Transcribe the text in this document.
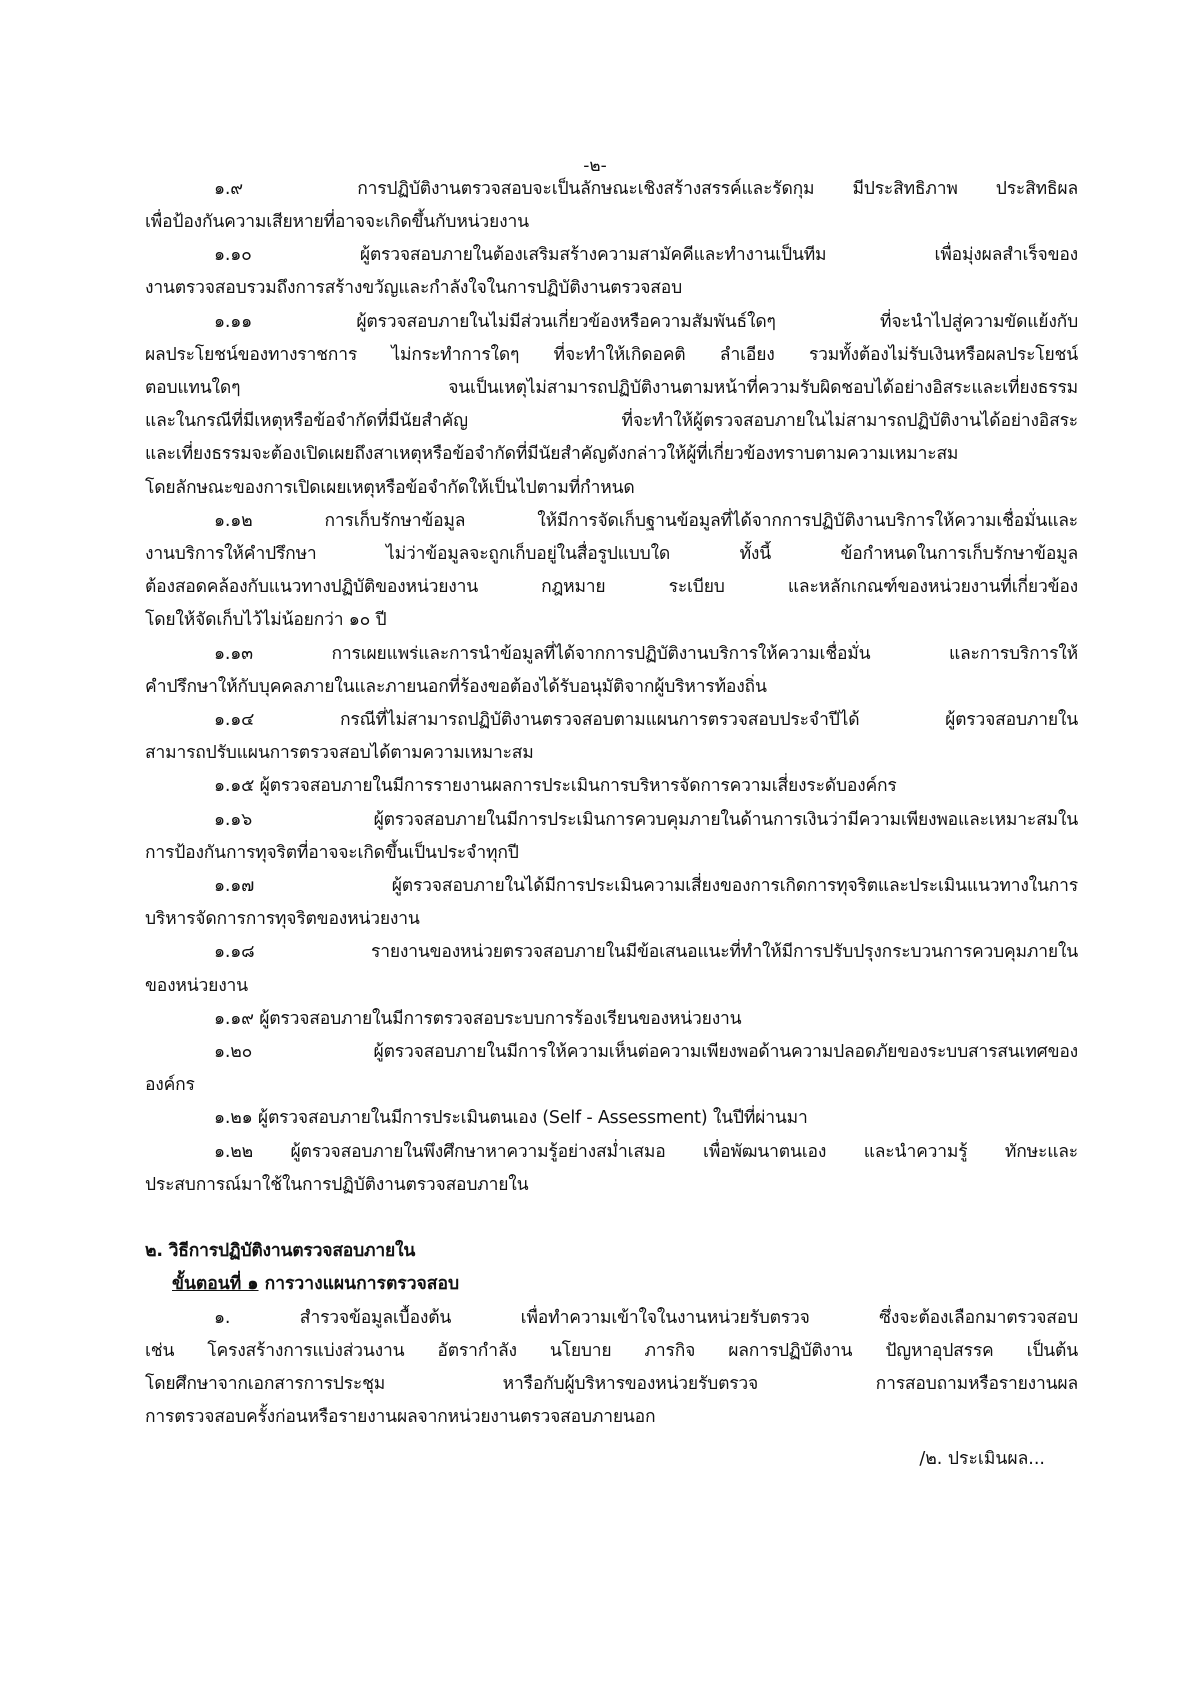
-๒-
๑.๙	การปฏิบัติงานตรวจสอบจะเป็นลักษณะเชิงสร้างสรรค์และรัดกุม มีประสิทธิภาพ ประสิทธิผล
เพื่อป้องกันความเสียหายที่อาจจะเกิดขึ้นกับหน่วยงาน
๑.๑๐	ผู้ตรวจสอบภายในต้องเสริมสร้างความสามัคคีและทำงานเป็นทีม เพื่อมุ่งผลสำเร็จของ
งานตรวจสอบรวมถึงการสร้างขวัญและกำลังใจในการปฏิบัติงานตรวจสอบ
๑.๑๑	ผู้ตรวจสอบภายในไม่มีส่วนเกี่ยวข้องหรือความสัมพันธ์ใดๆ ที่จะนำไปสู่ความขัดแย้งกับ
ผลประโยชน์ของทางราชการ ไม่กระทำการใดๆ ที่จะทำให้เกิดอคติ ลำเอียง รวมทั้งต้องไม่รับเงินหรือผลประโยชน์
ตอบแทนใดๆ จนเป็นเหตุไม่สามารถปฏิบัติงานตามหน้าที่ความรับผิดชอบได้อย่างอิสระและเที่ยงธรรม
และในกรณีที่มีเหตุหรือข้อจำกัดที่มีนัยสำคัญ ที่จะทำให้ผู้ตรวจสอบภายในไม่สามารถปฏิบัติงานได้อย่างอิสระ
และเที่ยงธรรมจะต้องเปิดเผยถึงสาเหตุหรือข้อจำกัดที่มีนัยสำคัญดังกล่าวให้ผู้ที่เกี่ยวข้องทราบตามความเหมาะสม
โดยลักษณะของการเปิดเผยเหตุหรือข้อจำกัดให้เป็นไปตามที่กำหนด
๑.๑๒	การเก็บรักษาข้อมูล ให้มีการจัดเก็บฐานข้อมูลที่ได้จากการปฏิบัติงานบริการให้ความเชื่อมั่นและ
งานบริการให้คำปรึกษา ไม่ว่าข้อมูลจะถูกเก็บอยู่ในสื่อรูปแบบใด ทั้งนี้ ข้อกำหนดในการเก็บรักษาข้อมูล
ต้องสอดคล้องกับแนวทางปฏิบัติของหน่วยงาน กฎหมาย ระเบียบ และหลักเกณฑ์ของหน่วยงานที่เกี่ยวข้อง
โดยให้จัดเก็บไว้ไม่น้อยกว่า ๑๐ ปี
๑.๑๓	การเผยแพร่และการนำข้อมูลที่ได้จากการปฏิบัติงานบริการให้ความเชื่อมั่น และการบริการให้
คำปรึกษาให้กับบุคคลภายในและภายนอกที่ร้องขอต้องได้รับอนุมัติจากผู้บริหารท้องถิ่น
๑.๑๔	กรณีที่ไม่สามารถปฏิบัติงานตรวจสอบตามแผนการตรวจสอบประจำปีได้ ผู้ตรวจสอบภายใน
สามารถปรับแผนการตรวจสอบได้ตามความเหมาะสม
๑.๑๕ ผู้ตรวจสอบภายในมีการรายงานผลการประเมินการบริหารจัดการความเสี่ยงระดับองค์กร
๑.๑๖	ผู้ตรวจสอบภายในมีการประเมินการควบคุมภายในด้านการเงินว่ามีความเพียงพอและเหมาะสมใน
การป้องกันการทุจริตที่อาจจะเกิดขึ้นเป็นประจำทุกปี
๑.๑๗	ผู้ตรวจสอบภายในได้มีการประเมินความเสี่ยงของการเกิดการทุจริตและประเมินแนวทางในการ
บริหารจัดการการทุจริตของหน่วยงาน
๑.๑๘	รายงานของหน่วยตรวจสอบภายในมีข้อเสนอแนะที่ทำให้มีการปรับปรุงกระบวนการควบคุมภายใน
ของหน่วยงาน
๑.๑๙ ผู้ตรวจสอบภายในมีการตรวจสอบระบบการร้องเรียนของหน่วยงาน
๑.๒๐	ผู้ตรวจสอบภายในมีการให้ความเห็นต่อความเพียงพอด้านความปลอดภัยของระบบสารสนเทศของ
องค์กร
๑.๒๑ ผู้ตรวจสอบภายในมีการประเมินตนเอง (Self - Assessment) ในปีที่ผ่านมา
๑.๒๒ ผู้ตรวจสอบภายในพึงศึกษาหาความรู้อย่างสม่ำเสมอ เพื่อพัฒนาตนเอง และนำความรู้ ทักษะและ
ประสบการณ์มาใช้ในการปฏิบัติงานตรวจสอบภายใน
๒. วิธีการปฏิบัติงานตรวจสอบภายใน
ขั้นตอนที่ ๑ การวางแผนการตรวจสอบ
๑.	สำรวจข้อมูลเบื้องต้น เพื่อทำความเข้าใจในงานหน่วยรับตรวจ ซึ่งจะต้องเลือกมาตรวจสอบ
เช่น โครงสร้างการแบ่งส่วนงาน อัตรากำลัง นโยบาย ภารกิจ ผลการปฏิบัติงาน ปัญหาอุปสรรค เป็นต้น
โดยศึกษาจากเอกสารการประชุม หารือกับผู้บริหารของหน่วยรับตรวจ การสอบถามหรือรายงานผล
การตรวจสอบครั้งก่อนหรือรายงานผลจากหน่วยงานตรวจสอบภายนอก
/๒. ประเมินผล...
